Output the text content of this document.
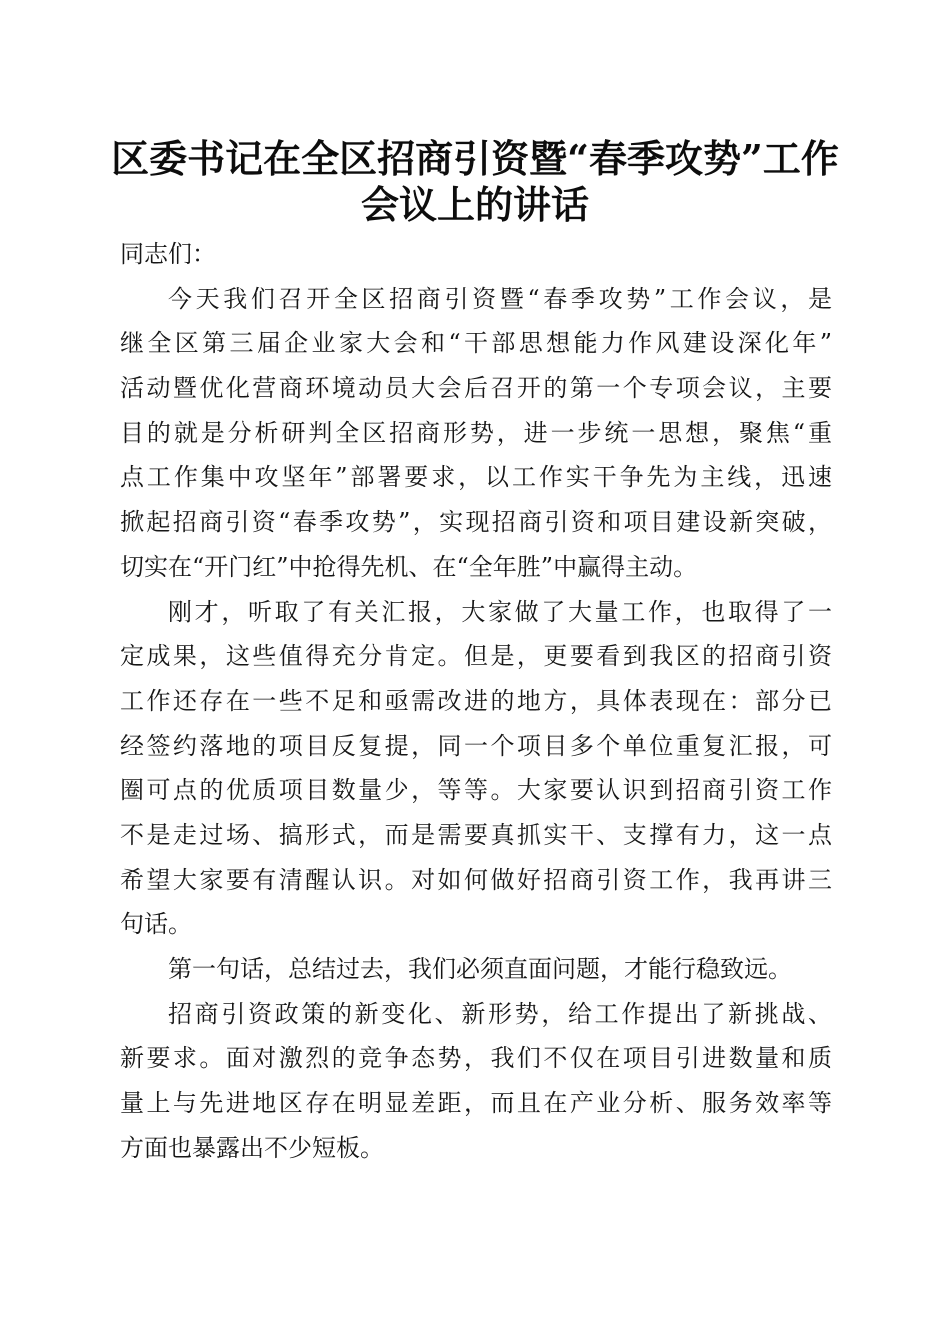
区委书记在全区招商引资暨“春季攻势”工作
会议上的讲话
同志们：
今天我们召开全区招商引资暨“春季攻势”工作会议，是
继全区第三届企业家大会和“干部思想能力作风建设深化年”
活动暨优化营商环境动员大会后召开的第一个专项会议，主要
目的就是分析研判全区招商形势，进一步统一思想，聚焦“重
点工作集中攻坚年”部署要求，以工作实干争先为主线，迅速
掀起招商引资“春季攻势”，实现招商引资和项目建设新突破，
切实在“开门红”中抢得先机、在“全年胜”中赢得主动。
刚才，听取了有关汇报，大家做了大量工作，也取得了一
定成果，这些值得充分肯定。但是，更要看到我区的招商引资
工作还存在一些不足和亟需改进的地方，具体表现在：部分已
经签约落地的项目反复提，同一个项目多个单位重复汇报，可
圈可点的优质项目数量少，等等。大家要认识到招商引资工作
不是走过场、搞形式，而是需要真抓实干、支撑有力，这一点
希望大家要有清醒认识。对如何做好招商引资工作，我再讲三
句话。
第一句话，总结过去，我们必须直面问题，才能行稳致远。
招商引资政策的新变化、新形势，给工作提出了新挑战、
新要求。面对激烈的竞争态势，我们不仅在项目引进数量和质
量上与先进地区存在明显差距，而且在产业分析、服务效率等
方面也暴露出不少短板。
